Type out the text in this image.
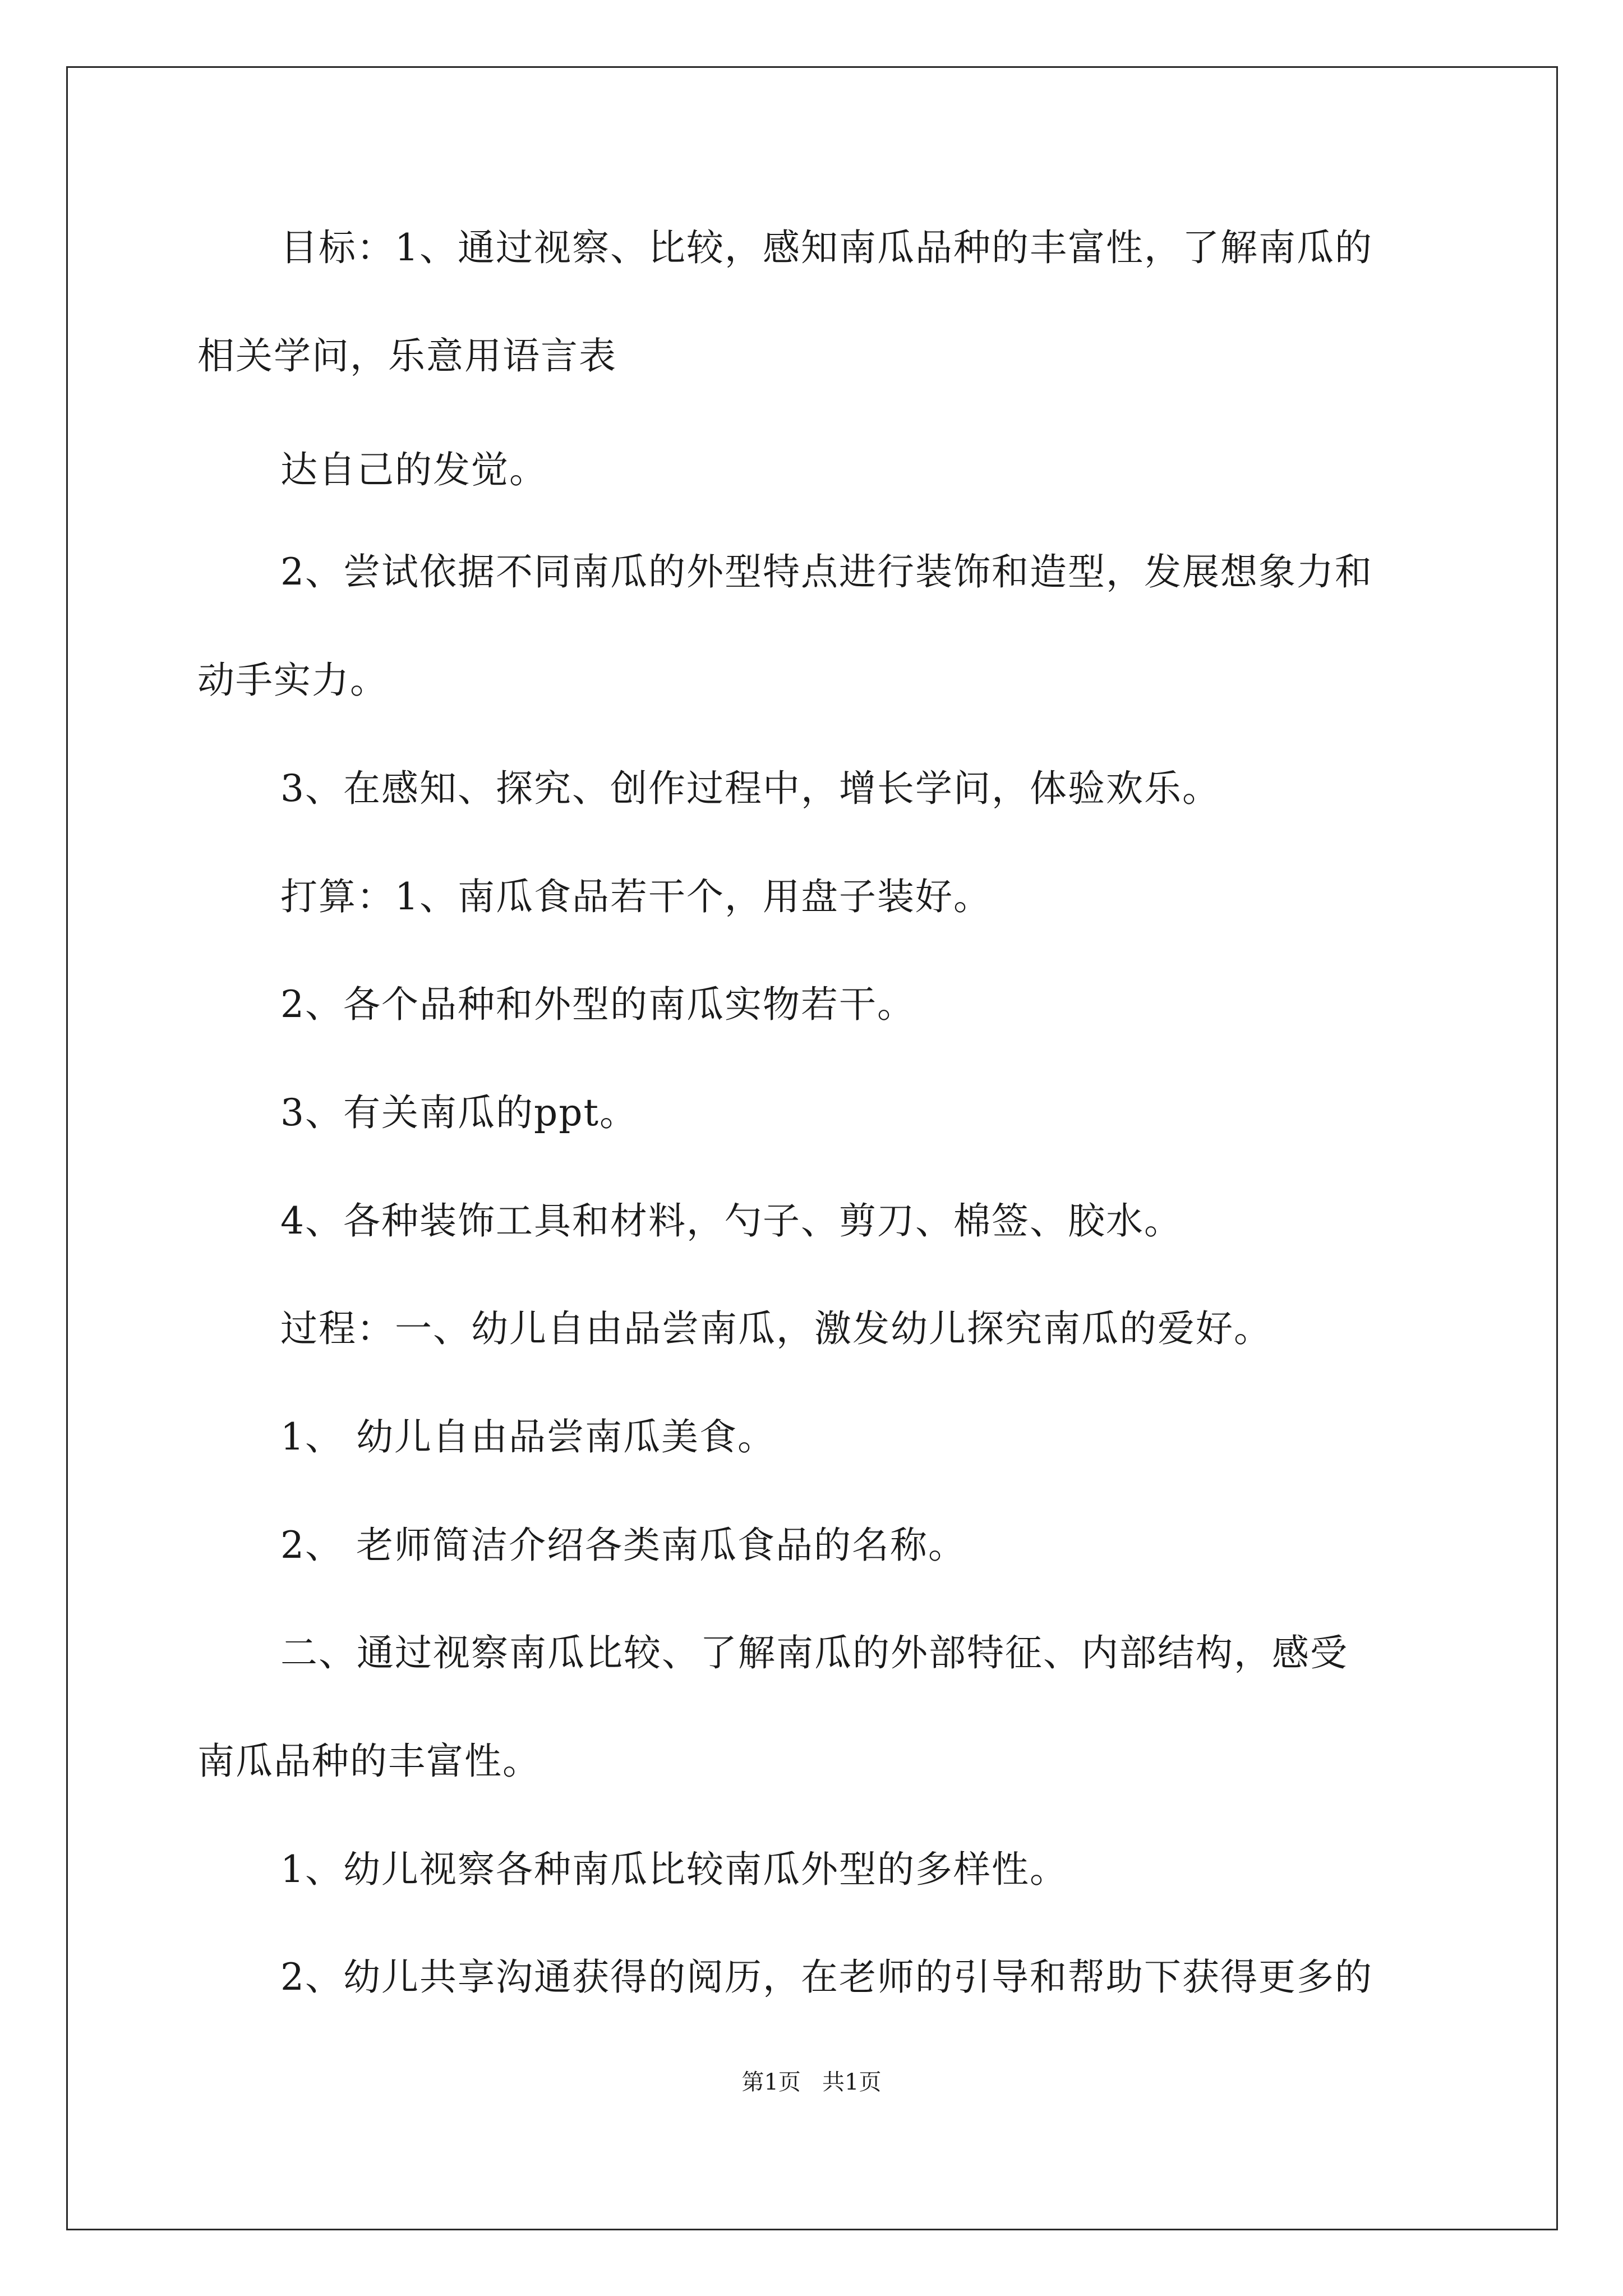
目标：1、通过视察、比较，感知南瓜品种的丰富性，了解南瓜的
相关学问，乐意用语言表
达自己的发觉。
2、尝试依据不同南瓜的外型特点进行装饰和造型，发展想象力和
动手实力。
3、在感知、探究、创作过程中，增长学问，体验欢乐。
打算：1、南瓜食品若干个，用盘子装好。
2、各个品种和外型的南瓜实物若干。
3、有关南瓜的ppt。
4、各种装饰工具和材料，勺子、剪刀、棉签、胶水。
过程：一、幼儿自由品尝南瓜，激发幼儿探究南瓜的爱好。
1、 幼儿自由品尝南瓜美食。
2、 老师简洁介绍各类南瓜食品的名称。
二、通过视察南瓜比较、了解南瓜的外部特征、内部结构，感受
南瓜品种的丰富性。
1、幼儿视察各种南瓜比较南瓜外型的多样性。
2、幼儿共享沟通获得的阅历，在老师的引导和帮助下获得更多的
第1页   共1页
